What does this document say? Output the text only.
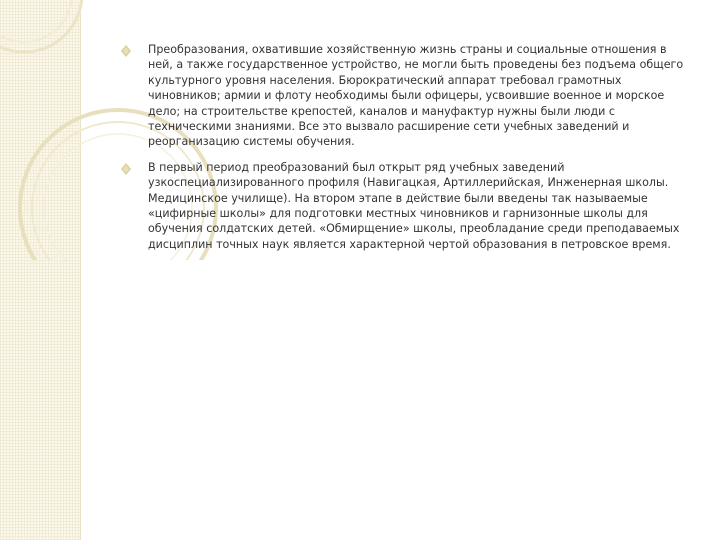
Преобразования, охватившие хозяйственную жизнь страны и социальные отношения в ней, а также государственное устройство, не могли быть проведены без подъема общего культурного уровня населения. Бюрократический аппарат требовал грамотных чиновников; армии и флоту необходимы были офицеры, усвоившие военное и морское дело; на строительстве крепостей, каналов и мануфактур нужны были люди с техническими знаниями. Все это вызвало расширение сети учебных заведений и реорганизацию системы обучения.

В первый период преобразований был открыт ряд учебных заведений узкоспециализированного профиля (Навигацкая, Артиллерийская, Инженерная школы. Медицинское училище). На втором этапе в действие были введены так называемые «цифирные школы» для подготовки местных чиновников и гарнизонные школы для обучения солдатских детей. «Обмирщение» школы, преобладание среди преподаваемых дисциплин точных наук является характерной чертой образования в петровское время.
